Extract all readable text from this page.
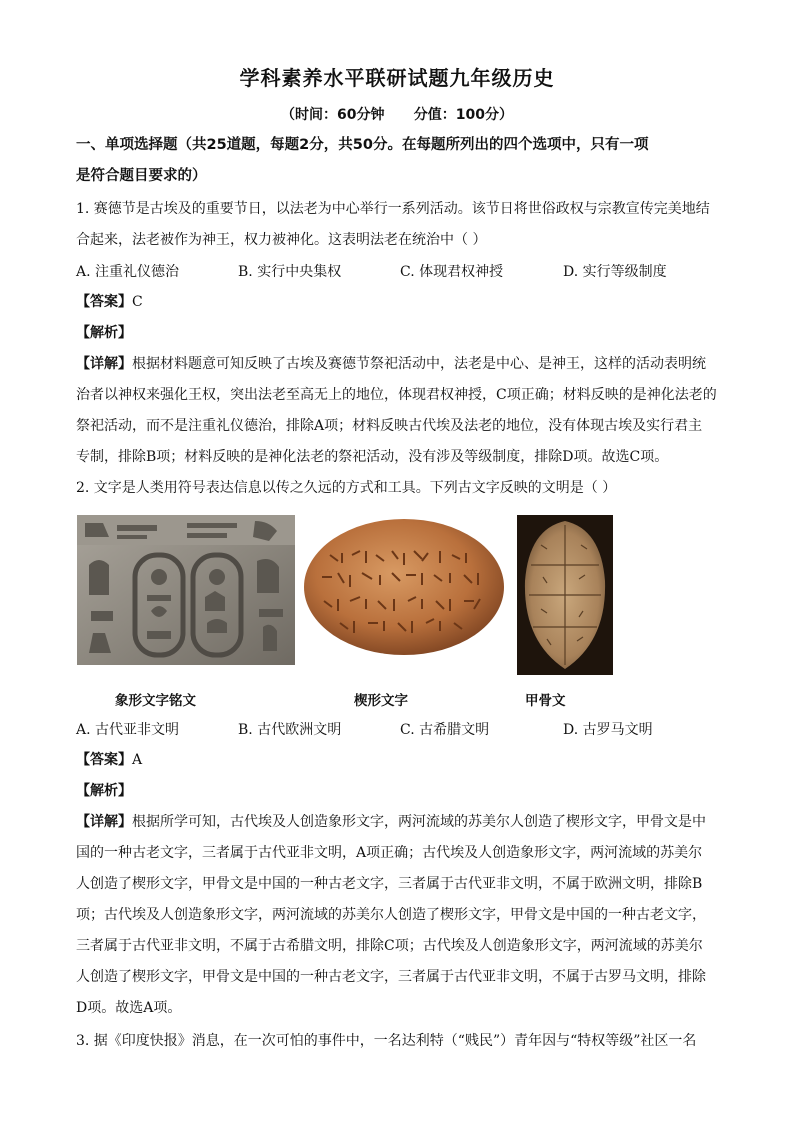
学科素养水平联研试题九年级历史
（时间：60分钟      分值：100分）
一、单项选择题（共25道题，每题2分，共50分。在每题所列出的四个选项中，只有一项
是符合题目要求的）
1. 赛德节是古埃及的重要节日，以法老为中心举行一系列活动。该节日将世俗政权与宗教宣传完美地结
合起来，法老被作为神王，权力被神化。这表明法老在统治中（ ）
A. 注重礼仪德治	B. 实行中央集权	C. 体现君权神授	D. 实行等级制度
【答案】C
【解析】
【详解】根据材料题意可知反映了古埃及赛德节祭祀活动中，法老是中心、是神王，这样的活动表明统
治者以神权来强化王权，突出法老至高无上的地位，体现君权神授，C项正确；材料反映的是神化法老的
祭祀活动，而不是注重礼仪德治，排除A项；材料反映古代埃及法老的地位，没有体现古埃及实行君主
专制，排除B项；材料反映的是神化法老的祭祀活动，没有涉及等级制度，排除D项。故选C项。
2. 文字是人类用符号表达信息以传之久远的方式和工具。下列古文字反映的文明是（ ）
象形文字铭文	楔形文字	甲骨文
A. 古代亚非文明	B. 古代欧洲文明	C. 古希腊文明	D. 古罗马文明
【答案】A
【解析】
【详解】根据所学可知，古代埃及人创造象形文字，两河流域的苏美尔人创造了楔形文字，甲骨文是中
国的一种古老文字，三者属于古代亚非文明，A项正确；古代埃及人创造象形文字，两河流域的苏美尔
人创造了楔形文字，甲骨文是中国的一种古老文字，三者属于古代亚非文明，不属于欧洲文明，排除B
项；古代埃及人创造象形文字，两河流域的苏美尔人创造了楔形文字，甲骨文是中国的一种古老文字，
三者属于古代亚非文明，不属于古希腊文明，排除C项；古代埃及人创造象形文字，两河流域的苏美尔
人创造了楔形文字，甲骨文是中国的一种古老文字，三者属于古代亚非文明，不属于古罗马文明，排除
D项。故选A项。
3. 据《印度快报》消息，在一次可怕的事件中，一名达利特（“贱民”）青年因与“特权等级”社区一名
